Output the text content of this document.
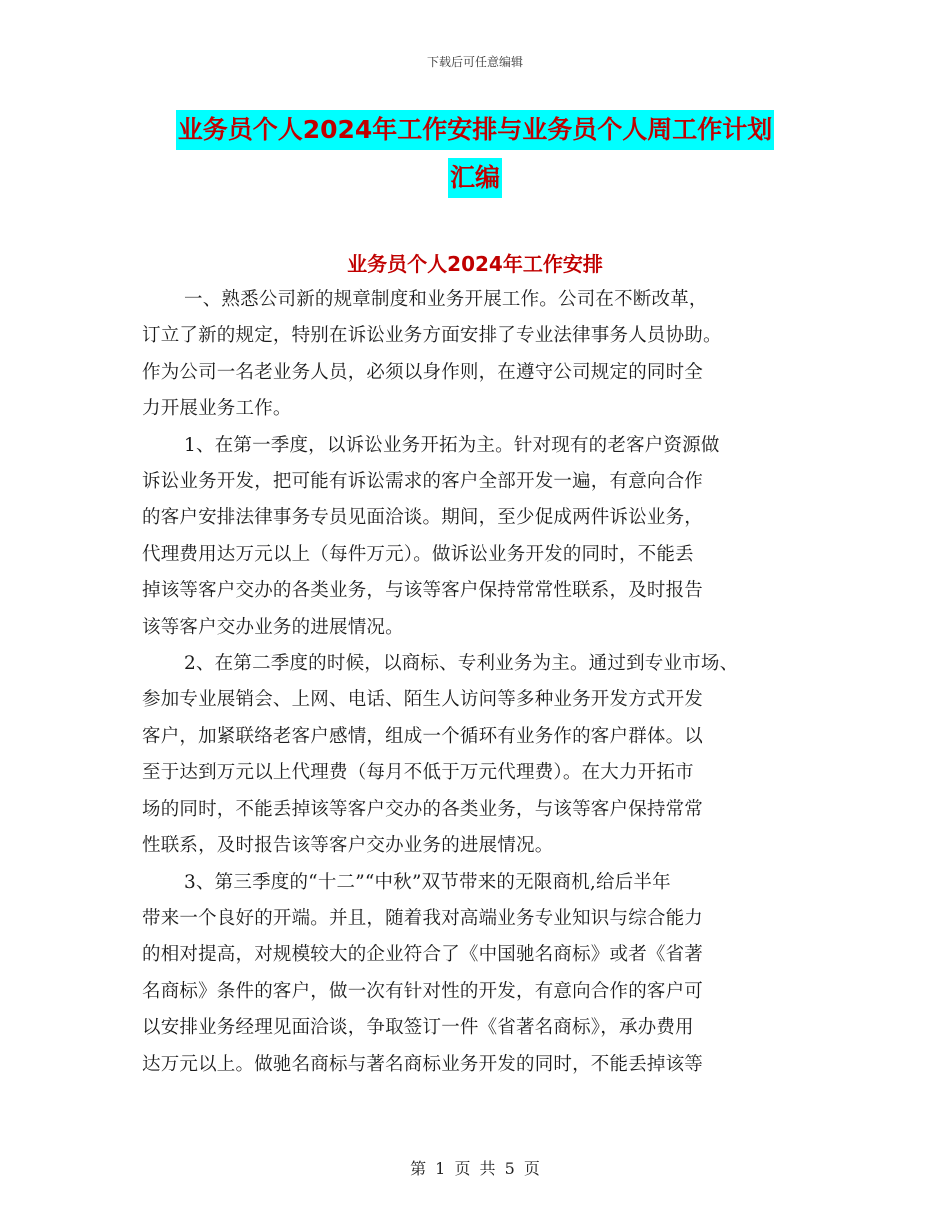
下载后可任意编辑
业务员个人2024年工作安排与业务员个人周工作计划
汇编
业务员个人2024年工作安排

一、熟悉公司新的规章制度和业务开展工作。公司在不断改革，
订立了新的规定，特别在诉讼业务方面安排了专业法律事务人员协助。
作为公司一名老业务人员，必须以身作则，在遵守公司规定的同时全
力开展业务工作。

1、在第一季度，以诉讼业务开拓为主。针对现有的老客户资源做
诉讼业务开发，把可能有诉讼需求的客户全部开发一遍，有意向合作
的客户安排法律事务专员见面洽谈。期间，至少促成两件诉讼业务，
代理费用达万元以上（每件万元）。做诉讼业务开发的同时，不能丢
掉该等客户交办的各类业务，与该等客户保持常常性联系，及时报告
该等客户交办业务的进展情况。

2、在第二季度的时候，以商标、专利业务为主。通过到专业市场、
参加专业展销会、上网、电话、陌生人访问等多种业务开发方式开发
客户，加紧联络老客户感情，组成一个循环有业务作的客户群体。以
至于达到万元以上代理费（每月不低于万元代理费）。在大力开拓市
场的同时，不能丢掉该等客户交办的各类业务，与该等客户保持常常
性联系，及时报告该等客户交办业务的进展情况。

3、第三季度的“十二”“中秋”双节带来的无限商机,给后半年
带来一个良好的开端。并且，随着我对高端业务专业知识与综合能力
的相对提高，对规模较大的企业符合了《中国驰名商标》或者《省著
名商标》条件的客户，做一次有针对性的开发，有意向合作的客户可
以安排业务经理见面洽谈，争取签订一件《省著名商标》，承办费用
达万元以上。做驰名商标与著名商标业务开发的同时，不能丢掉该等

第 1 页 共 5 页
